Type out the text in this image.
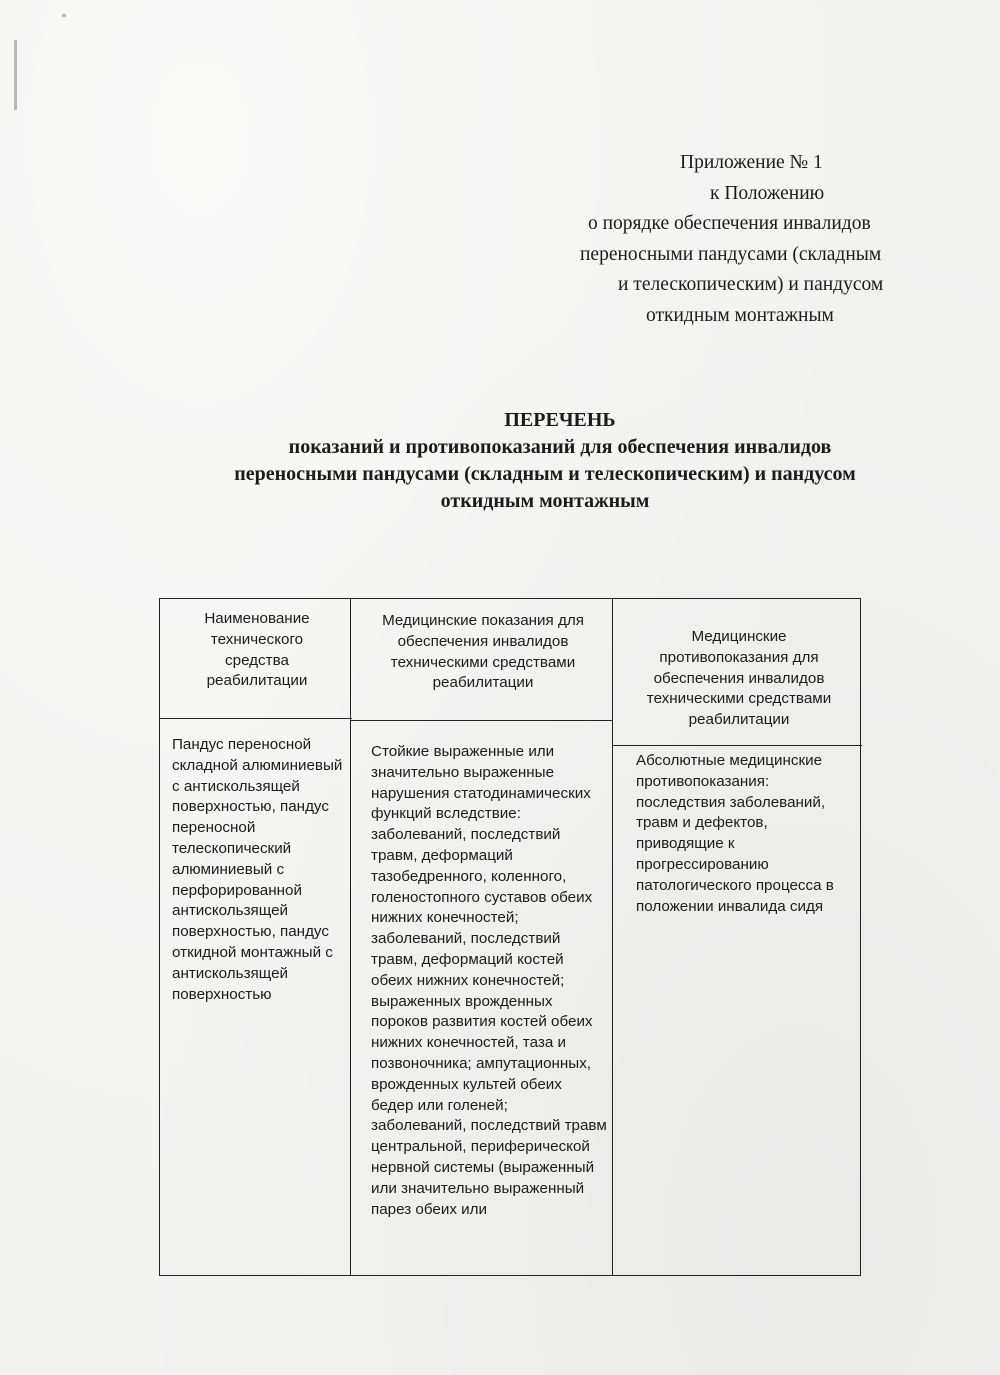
Приложение № 1
к Положению
о порядке обеспечения инвалидов
переносными пандусами (складным
и телескопическим) и пандусом
откидным монтажным
ПЕРЕЧЕНЬ
показаний и противопоказаний для обеспечения инвалидов
переносными пандусами (складным и телескопическим) и пандусом
откидным монтажным
Наименование технического средства реабилитации
Медицинские показания для обеспечения инвалидов техническими средствами реабилитации
Медицинские противопоказания для обеспечения инвалидов техническими средствами реабилитации
Пандус переносной складной алюминиевый с антискользящей поверхностью, пандус переносной телескопический алюминиевый с перфорированной антискользящей поверхностью, пандус откидной монтажный с антискользящей поверхностью
Стойкие выраженные или значительно выраженные нарушения статодинамических функций вследствие: заболеваний, последствий травм, деформаций тазобедренного, коленного, голеностопного суставов обеих нижних конечностей; заболеваний, последствий травм, деформаций костей обеих нижних конечностей; выраженных врожденных пороков развития костей обеих нижних конечностей, таза и позвоночника; ампутационных, врожденных культей обеих бедер или голеней; заболеваний, последствий травм центральной, периферической нервной системы (выраженный или значительно выраженный парез обеих или
Абсолютные медицинские противопоказания: последствия заболеваний, травм и дефектов, приводящие к прогрессированию патологического процесса в положении инвалида сидя
